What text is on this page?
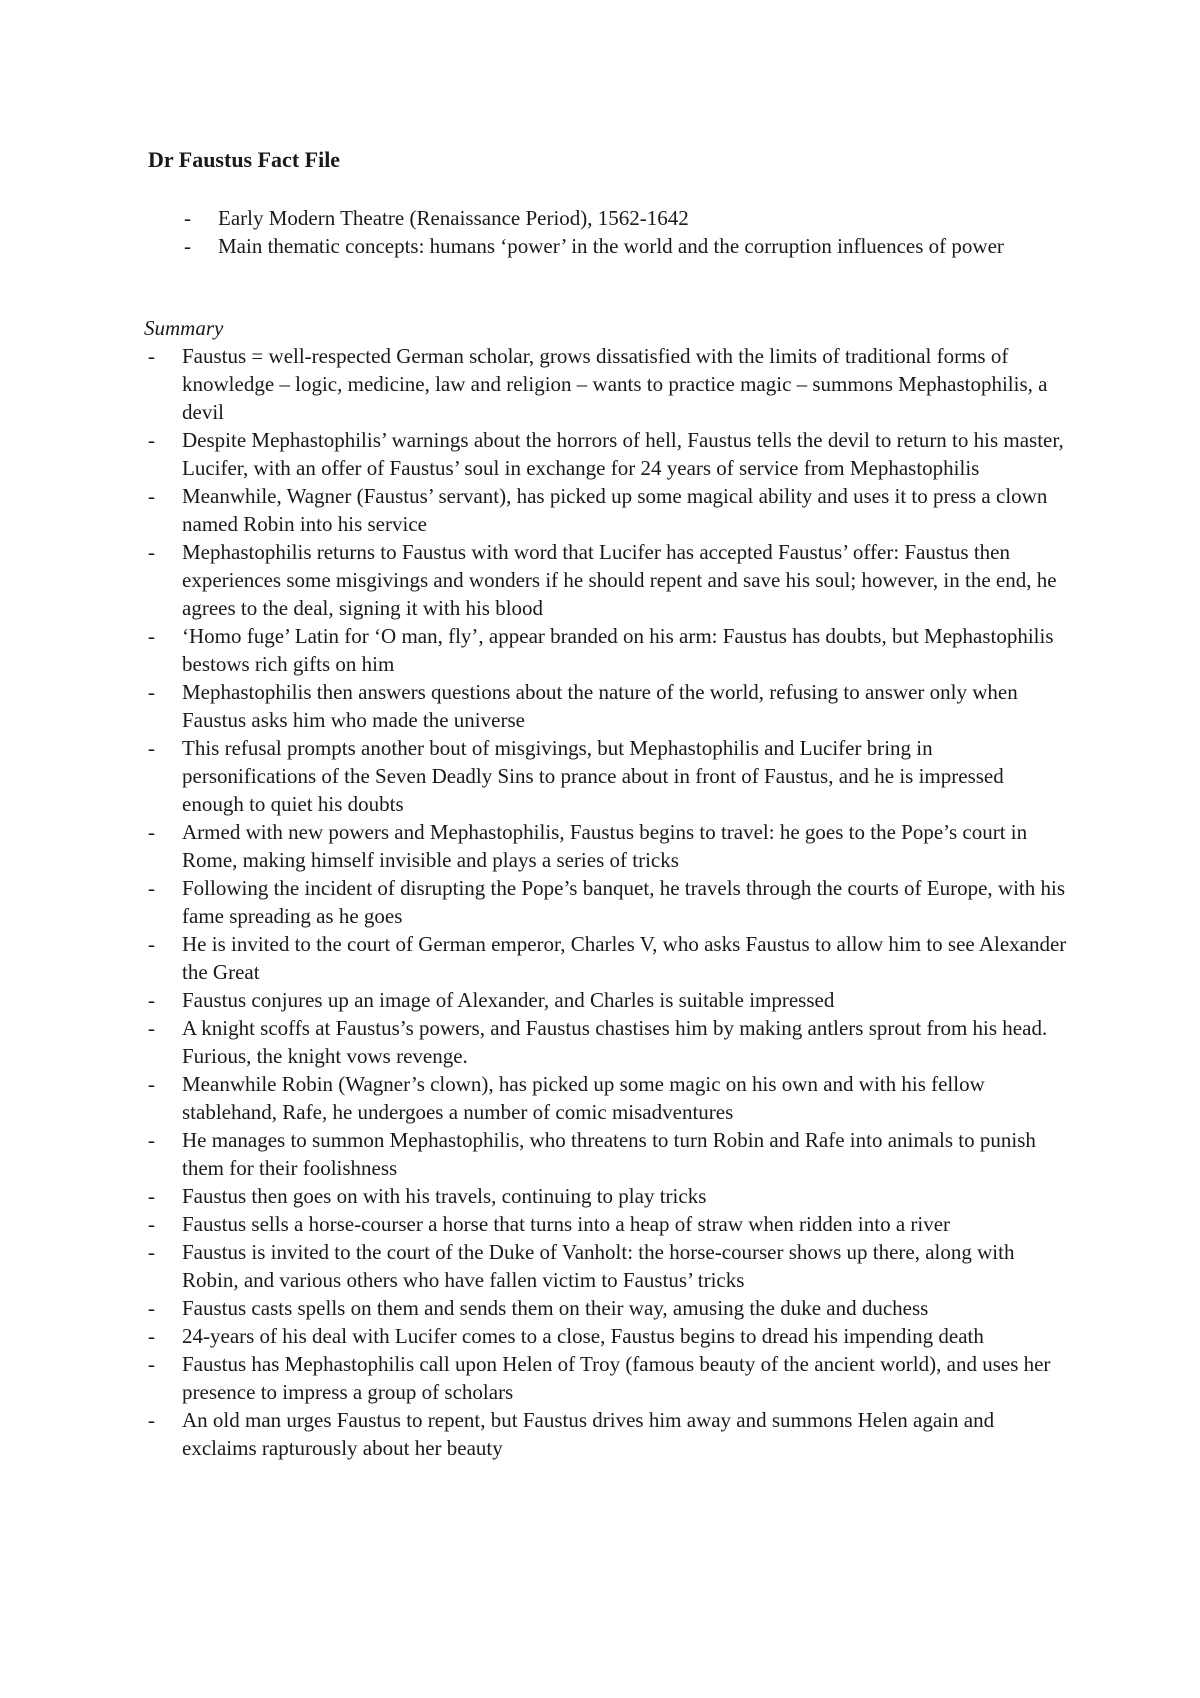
Dr Faustus Fact File
- Early Modern Theatre (Renaissance Period), 1562-1642
- Main thematic concepts: humans ‘power’ in the world and the corruption influences of power

Summary

- Faustus = well-respected German scholar, grows dissatisfied with the limits of traditional forms of knowledge – logic, medicine, law and religion – wants to practice magic – summons Mephastophilis, a devil
- Despite Mephastophilis’ warnings about the horrors of hell, Faustus tells the devil to return to his master, Lucifer, with an offer of Faustus’ soul in exchange for 24 years of service from Mephastophilis
- Meanwhile, Wagner (Faustus’ servant), has picked up some magical ability and uses it to press a clown named Robin into his service
- Mephastophilis returns to Faustus with word that Lucifer has accepted Faustus’ offer: Faustus then experiences some misgivings and wonders if he should repent and save his soul; however, in the end, he agrees to the deal, signing it with his blood
- ‘Homo fuge’ Latin for ‘O man, fly’, appear branded on his arm: Faustus has doubts, but Mephastophilis bestows rich gifts on him
- Mephastophilis then answers questions about the nature of the world, refusing to answer only when Faustus asks him who made the universe
- This refusal prompts another bout of misgivings, but Mephastophilis and Lucifer bring in personifications of the Seven Deadly Sins to prance about in front of Faustus, and he is impressed enough to quiet his doubts
- Armed with new powers and Mephastophilis, Faustus begins to travel: he goes to the Pope’s court in Rome, making himself invisible and plays a series of tricks
- Following the incident of disrupting the Pope’s banquet, he travels through the courts of Europe, with his fame spreading as he goes
- He is invited to the court of German emperor, Charles V, who asks Faustus to allow him to see Alexander the Great
- Faustus conjures up an image of Alexander, and Charles is suitable impressed
- A knight scoffs at Faustus’s powers, and Faustus chastises him by making antlers sprout from his head. Furious, the knight vows revenge.
- Meanwhile Robin (Wagner’s clown), has picked up some magic on his own and with his fellow stablehand, Rafe, he undergoes a number of comic misadventures
- He manages to summon Mephastophilis, who threatens to turn Robin and Rafe into animals to punish them for their foolishness
- Faustus then goes on with his travels, continuing to play tricks
- Faustus sells a horse-courser a horse that turns into a heap of straw when ridden into a river
- Faustus is invited to the court of the Duke of Vanholt: the horse-courser shows up there, along with Robin, and various others who have fallen victim to Faustus’ tricks
- Faustus casts spells on them and sends them on their way, amusing the duke and duchess
- 24-years of his deal with Lucifer comes to a close, Faustus begins to dread his impending death
- Faustus has Mephastophilis call upon Helen of Troy (famous beauty of the ancient world), and uses her presence to impress a group of scholars
- An old man urges Faustus to repent, but Faustus drives him away and summons Helen again and exclaims rapturously about her beauty
